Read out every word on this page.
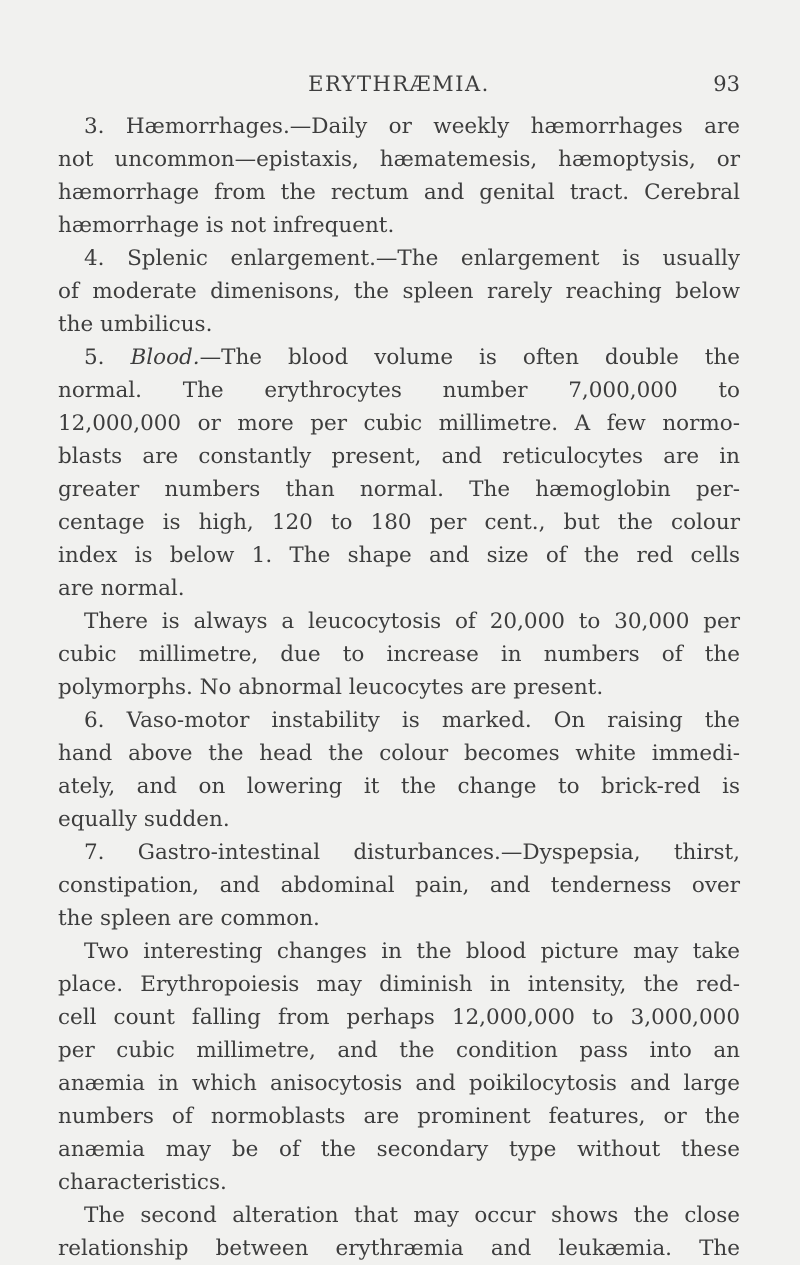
ERYTHRÆMIA.	93
3. Hæmorrhages.—Daily or weekly hæmorrhages are
not uncommon—epistaxis, hæmatemesis, hæmoptysis, or
hæmorrhage from the rectum and genital tract. Cerebral
hæmorrhage is not infrequent.
4. Splenic enlargement.—The enlargement is usually
of moderate dimenisons, the spleen rarely reaching below
the umbilicus.
5. Blood.—The blood volume is often double the
normal. The erythrocytes number 7,000,000 to
12,000,000 or more per cubic millimetre. A few normo-
blasts are constantly present, and reticulocytes are in
greater numbers than normal. The hæmoglobin per-
centage is high, 120 to 180 per cent., but the colour
index is below 1. The shape and size of the red cells
are normal.
There is always a leucocytosis of 20,000 to 30,000 per
cubic millimetre, due to increase in numbers of the
polymorphs. No abnormal leucocytes are present.
6. Vaso-motor instability is marked. On raising the
hand above the head the colour becomes white immedi-
ately, and on lowering it the change to brick-red is
equally sudden.
7. Gastro-intestinal disturbances.—Dyspepsia, thirst,
constipation, and abdominal pain, and tenderness over
the spleen are common.
Two interesting changes in the blood picture may take
place. Erythropoiesis may diminish in intensity, the red-
cell count falling from perhaps 12,000,000 to 3,000,000
per cubic millimetre, and the condition pass into an
anæmia in which anisocytosis and poikilocytosis and large
numbers of normoblasts are prominent features, or the
anæmia may be of the secondary type without these
characteristics.
The second alteration that may occur shows the close
relationship between erythræmia and leukæmia. The
